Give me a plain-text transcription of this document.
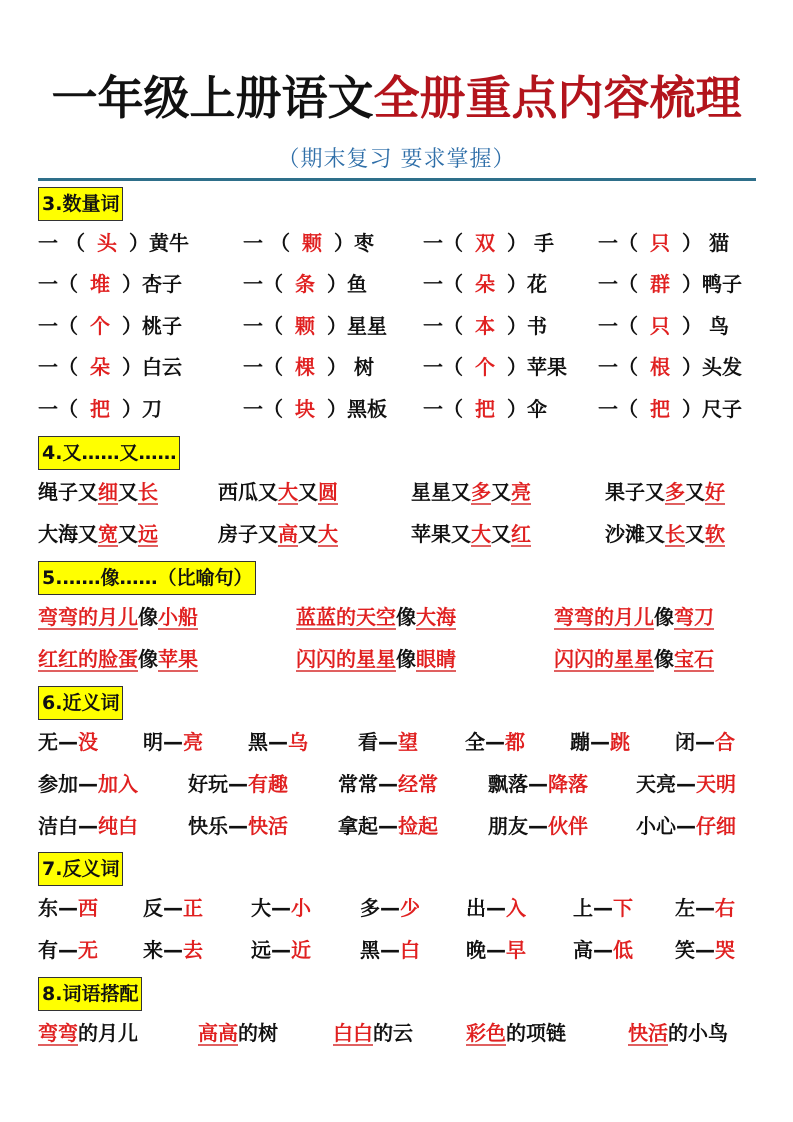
一年级上册语文全册重点内容梳理
（期末复习 要求掌握）
3.数量词
一 （ 头 ）黄牛	一 （ 颗 ）枣 一（ 双 ） 手 一（ 只 ） 猫
一（ 堆 ）杏子	一（ 条 ）鱼	一（ 朵 ）花	一（ 群 ）鸭子
一（ 个 ）桃子	一（ 颗 ）星星 一（ 本 ）书	一（ 只 ） 鸟
一（ 朵 ）白云	一（ 棵 ） 树 一（ 个 ）苹果 一（ 根 ）头发
一（ 把 ）刀	一（ 块 ）黑板 一（ 把 ）伞	一（ 把 ）尺子
4.又……又……
绳子又细又长	西瓜又大又圆	星星又多又亮	果子又多又好
大海又宽又远	房子又高又大	苹果又大又红	沙滩又长又软
5.……像……（比喻句）
弯弯的月儿像小船	蓝蓝的天空像大海	弯弯的月儿像弯刀
红红的脸蛋像苹果	闪闪的星星像眼睛	闪闪的星星像宝石
6.近义词
无—没 明—亮 黑—乌	看—望 全—都 蹦—跳 闭—合
参加—加入	好玩—有趣	常常—经常	飘落—降落 天亮—天明
洁白—纯白	快乐—快活	拿起—捡起	朋友—伙伴 小心—仔细
7.反义词
东—西 反—正 大—小 多—少 出—入 上—下 左—右
有—无 来—去 远—近 黑—白 晚—早 高—低 笑—哭
8.词语搭配
弯弯的月儿	高高的树	白白的云	彩色的项链	快活的小鸟
